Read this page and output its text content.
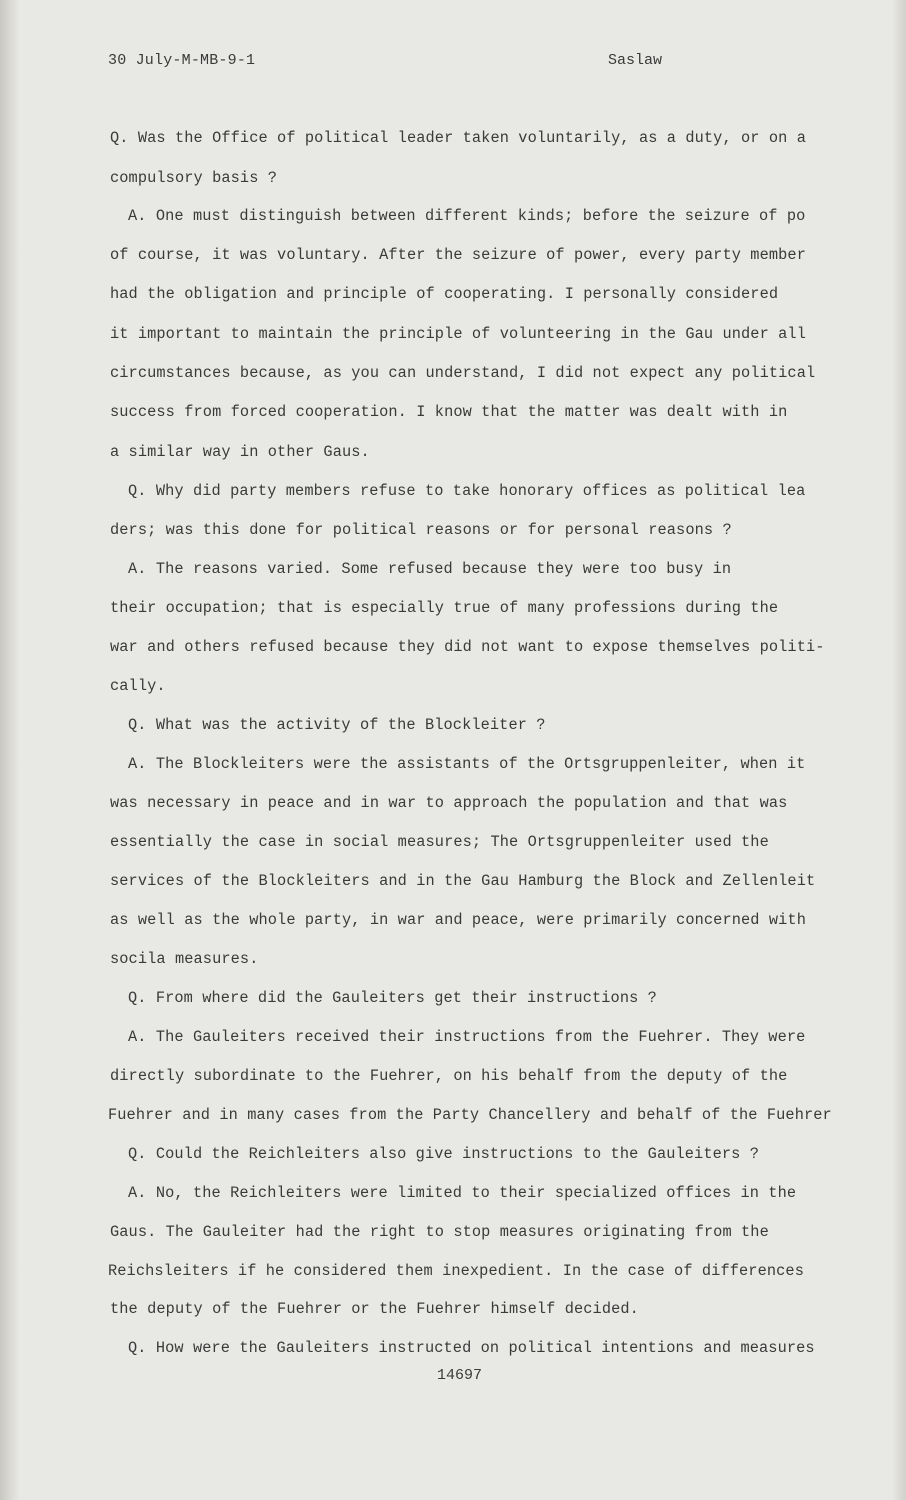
30 July-M-MB-9-1	Saslaw
Q. Was the Office of political leader taken voluntarily, as a duty, or on a
compulsory basis ?
A. One must distinguish between different kinds; before the seizure of po
of course, it was voluntary. After the seizure of power, every party member
had the obligation and principle of cooperating. I personally considered
it important to maintain the principle of volunteering in the Gau under all
circumstances because, as you can understand, I did not expect any political
success from forced cooperation. I know that the matter was dealt with in
a similar way in other Gaus.
Q. Why did party members refuse to take honorary offices as political lea
ders; was this done for political reasons or for personal reasons ?
A. The reasons varied. Some refused because they were too busy in
their occupation; that is especially true of many professions during the
war and others refused because they did not want to expose themselves politi-
cally.
Q. What was the activity of the Blockleiter ?
A. The Blockleiters were the assistants of the Ortsgruppenleiter, when it
was necessary in peace and in war to approach the population and that was
essentially the case in social measures; The Ortsgruppenleiter used the
services of the Blockleiters and in the Gau Hamburg the Block and Zellenleit
as well as the whole party, in war and peace, were primarily concerned with
socila measures.
Q. From where did the Gauleiters get their instructions ?
A. The Gauleiters received their instructions from the Fuehrer. They were
directly subordinate to the Fuehrer, on his behalf from the deputy of the
Fuehrer and in many cases from the Party Chancellery and behalf of the Fuehrer
Q. Could the Reichleiters also give instructions to the Gauleiters ?
A. No, the Reichleiters were limited to their specialized offices in the
Gaus. The Gauleiter had the right to stop measures originating from the
Reichsleiters if he considered them inexpedient. In the case of differences
the deputy of the Fuehrer or the Fuehrer himself decided.
Q. How were the Gauleiters instructed on political intentions and measures
14697
